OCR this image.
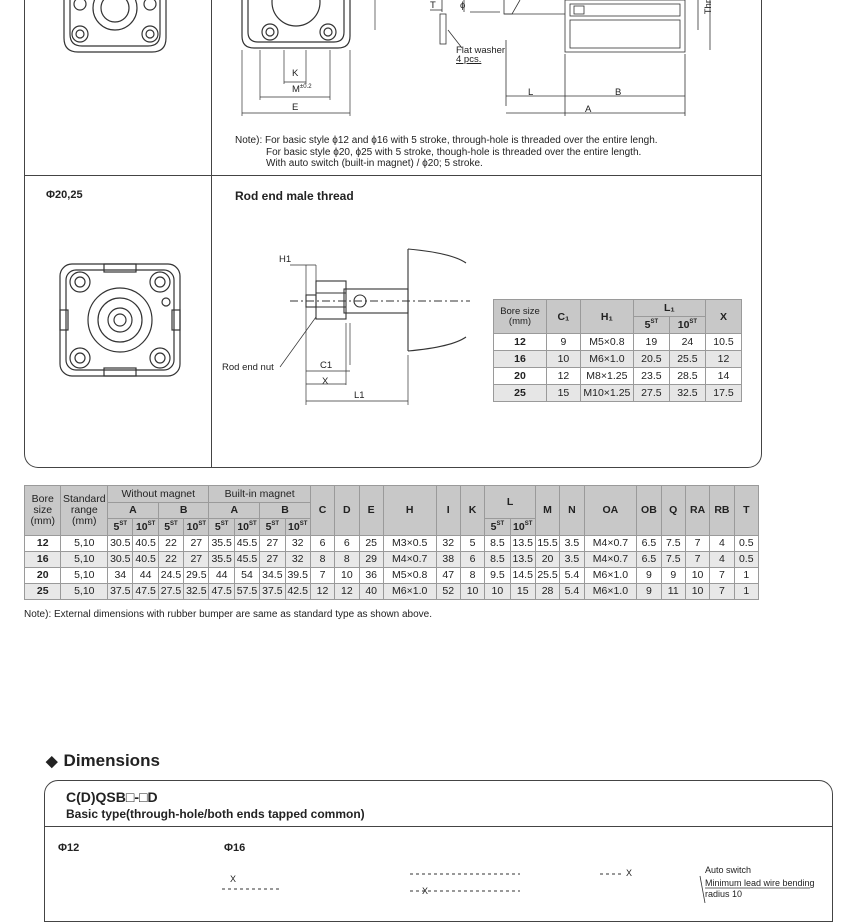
K
$M^{\pm 0.2}$
E
T	ϕ
Flat washer
4 pcs.
L	B
A
Thr
Note): For basic style ϕ12 and ϕ16 with 5 stroke, through-hole is threaded over the entire lengh.
For basic style ϕ20, ϕ25 with 5 stroke, though-hole is threaded over the entire length.
With auto switch (built-in magnet) / ϕ20; 5 stroke.
Φ20,25	Rod end male thread
H1
Rod end nut	C1
X
L1
Bore size (mm)	C₁	H₁	L₁		X
			5ST	10ST
12	9	M5×0.8	19	24	10.5
16	10	M6×1.0	20.5	25.5	12
20	12	M8×1.25	23.5	28.5	14
25	15	M10×1.25	27.5	32.5	17.5
Bore size (mm)	Standard range (mm)	Without magnet				Built-in magnet				C	D	E	H	I	K	L		M	N	OA	OB	Q	RA	RB	T
		A		B		A		B																	
		5ST	10ST	5ST	10ST	5ST	10ST	5ST	10ST							5ST	10ST
12	5,10	30.5	40.5	22	27	35.5	45.5	27	32	6	6	25	M3×0.5	32	5	8.5	13.5	15.5	3.5	M4×0.7	6.5	7.5	7	4	0.5
16	5,10	30.5	40.5	22	27	35.5	45.5	27	32	8	8	29	M4×0.7	38	6	8.5	13.5	20	3.5	M4×0.7	6.5	7.5	7	4	0.5
20	5,10	34	44	24.5	29.5	44	54	34.5	39.5	7	10	36	M5×0.8	47	8	9.5	14.5	25.5	5.4	M6×1.0	9	9	10	7	1
25	5,10	37.5	47.5	27.5	32.5	47.5	57.5	37.5	42.5	12	12	40	M6×1.0	52	10	10	15	28	5.4	M6×1.0	9	11	10	7	1
Note): External dimensions with rubber bumper are same as standard type as shown above.
◆ Dimensions
C(D)QSB□-□D
Basic type(through-hole/both ends tapped common)
Φ12	Φ16
Auto switch
Minimum lead wire bending
radius 10
X
X
X
